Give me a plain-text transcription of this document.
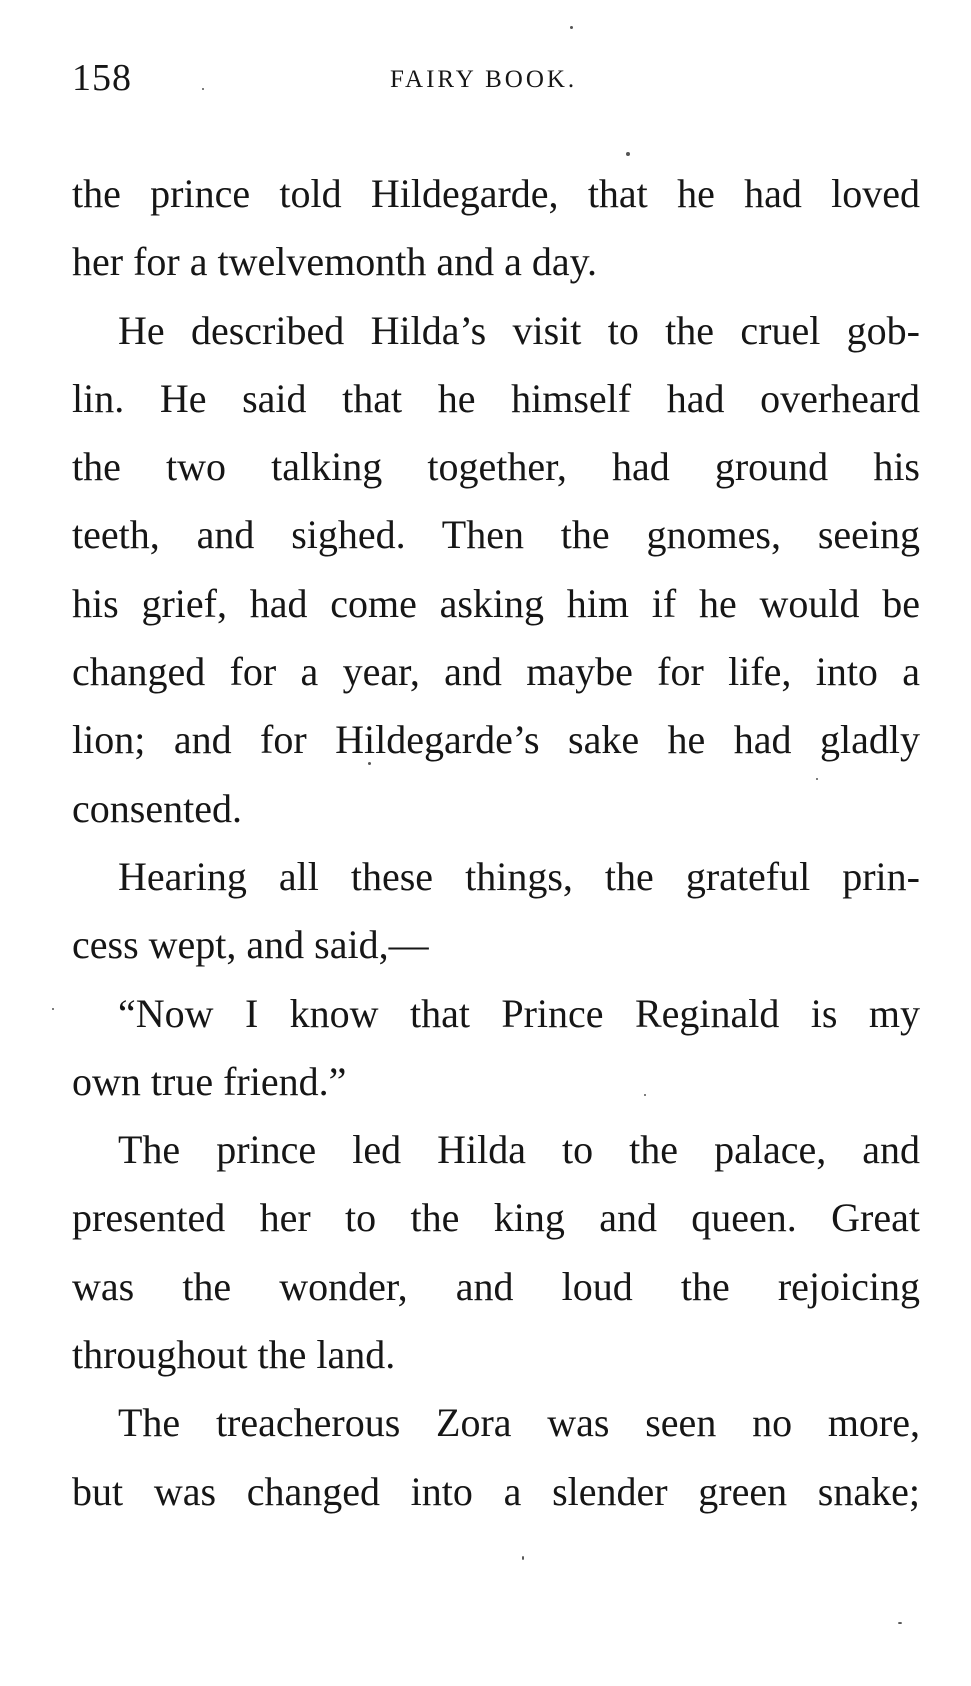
158	FAIRY BOOK.
the prince told Hildegarde, that he had loved
her for a twelvemonth and a day.
He described Hilda’s visit to the cruel gob-
lin. He said that he himself had overheard
the two talking together, had ground his
teeth, and sighed. Then the gnomes, seeing
his grief, had come asking him if he would be
changed for a year, and maybe for life, into a
lion; and for Hildegarde’s sake he had gladly
consented.
Hearing all these things, the grateful prin-
cess wept, and said,—
“Now I know that Prince Reginald is my
own true friend.”
The prince led Hilda to the palace, and
presented her to the king and queen. Great
was the wonder, and loud the rejoicing
throughout the land.
The treacherous Zora was seen no more,
but was changed into a slender green snake;
